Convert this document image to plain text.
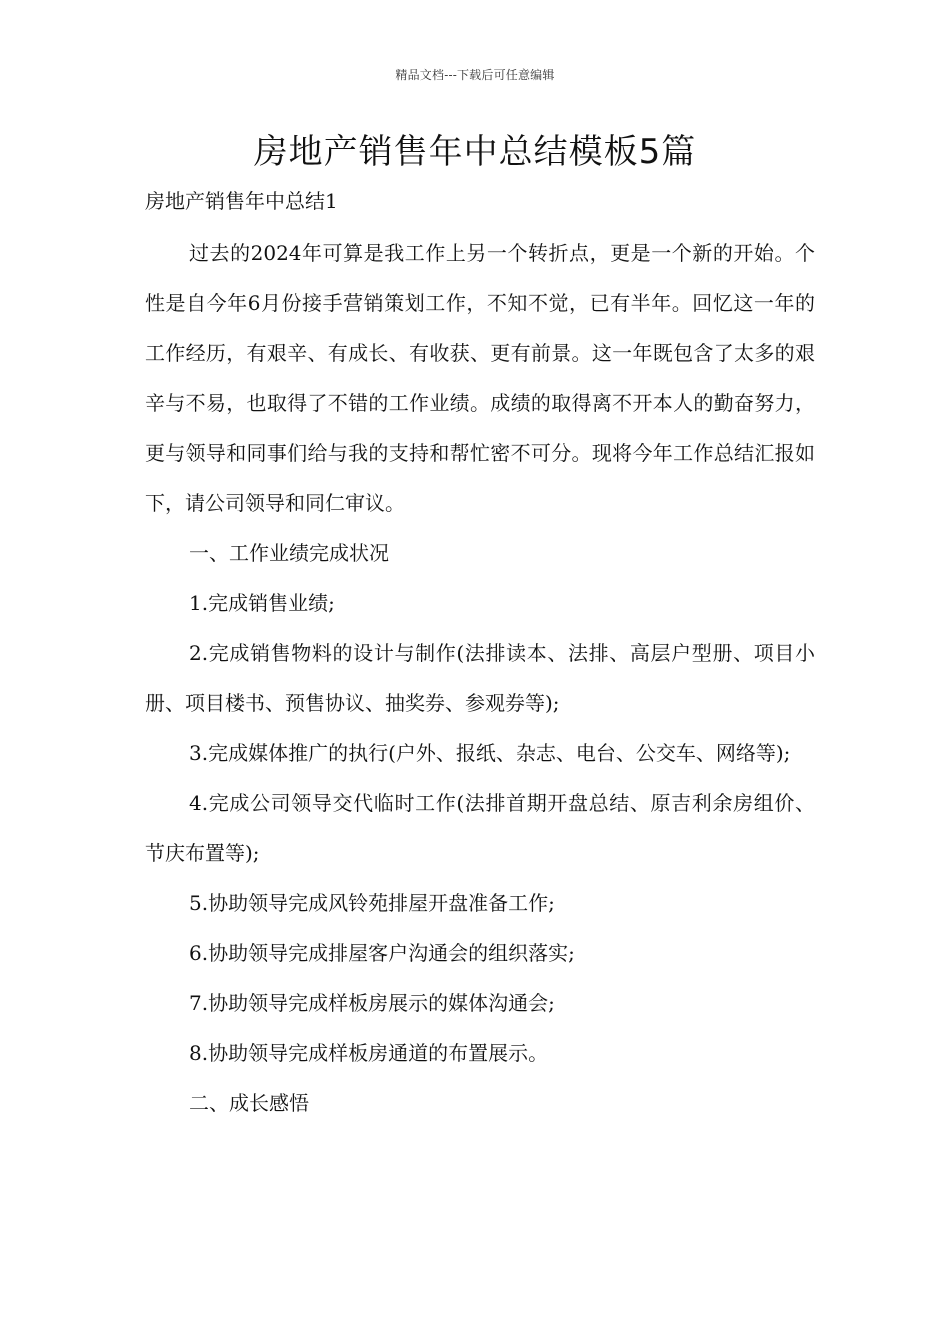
精品文档---下载后可任意编辑
房地产销售年中总结模板5篇
房地产销售年中总结1

过去的2024年可算是我工作上另一个转折点，更是一个新的开始。个性是自今年6月份接手营销策划工作，不知不觉，已有半年。回忆这一年的工作经历，有艰辛、有成长、有收获、更有前景。这一年既包含了太多的艰辛与不易，也取得了不错的工作业绩。成绩的取得离不开本人的勤奋努力，更与领导和同事们给与我的支持和帮忙密不可分。现将今年工作总结汇报如下，请公司领导和同仁审议。

一、工作业绩完成状况

1.完成销售业绩;

2.完成销售物料的设计与制作(法排读本、法排、高层户型册、项目小册、项目楼书、预售协议、抽奖券、参观券等);

3.完成媒体推广的执行(户外、报纸、杂志、电台、公交车、网络等);

4.完成公司领导交代临时工作(法排首期开盘总结、原吉利余房组价、节庆布置等);

5.协助领导完成风铃苑排屋开盘准备工作;

6.协助领导完成排屋客户沟通会的组织落实;

7.协助领导完成样板房展示的媒体沟通会;

8.协助领导完成样板房通道的布置展示。

二、成长感悟
